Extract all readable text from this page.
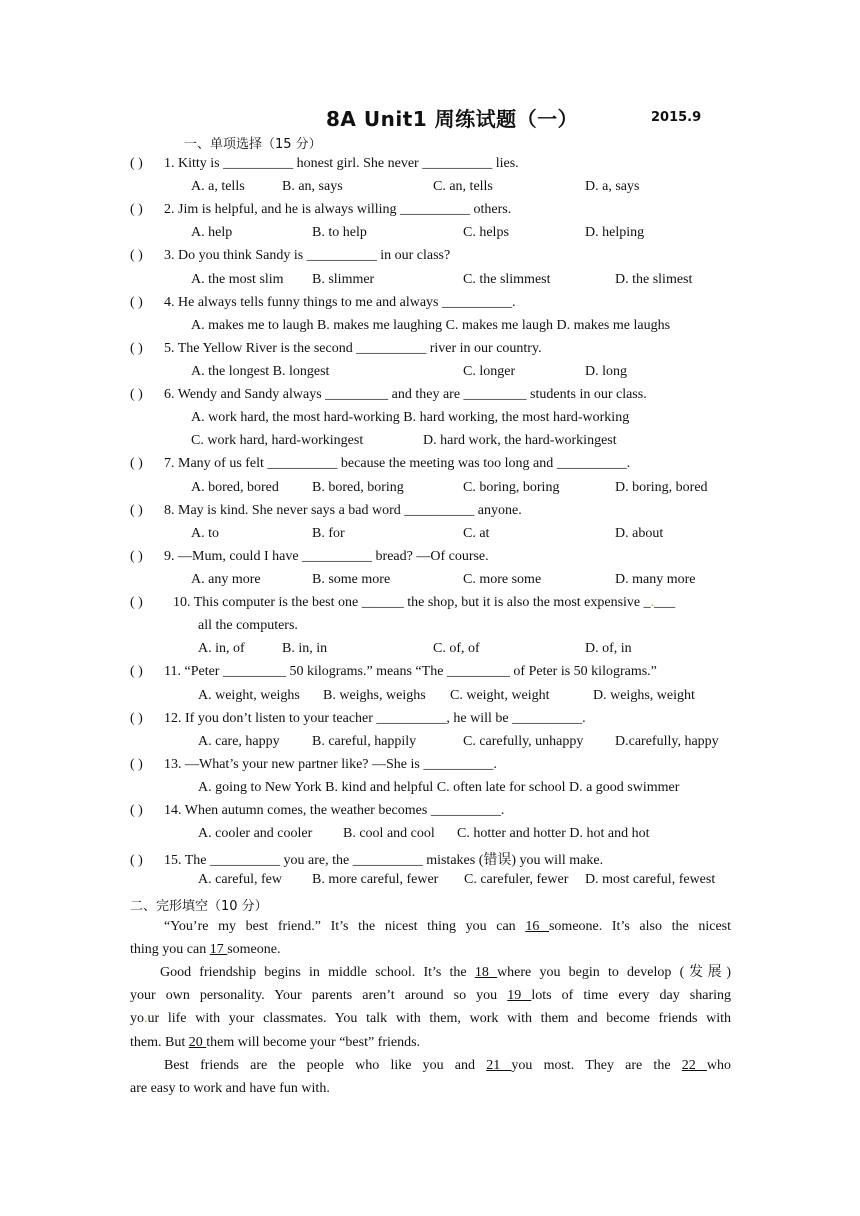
8A Unit1 周练试题（一）	2015.9
一、单项选择（15 分）
( ) 1. Kitty is __________ honest girl. She never __________ lies.
A. a, tells	B. an, says	C. an, tells	D. a, says
( ) 2. Jim is helpful, and he is always willing __________ others.
A. help	B. to help	C. helps	D. helping
( ) 3. Do you think Sandy is __________ in our class?
A. the most slim B. slimmer	C. the slimmest	D. the slimest
( ) 4. He always tells funny things to me and always __________.
A. makes me to laugh B. makes me laughing C. makes me laugh D. makes me laughs
( ) 5. The Yellow River is the second __________ river in our country.
A. the longest B. longest	C. longer	D. long
( ) 6. Wendy and Sandy always _________ and they are _________ students in our class.
A. work hard, the most hard-working B. hard working, the most hard-working
C. work hard, hard-workingest	D. hard work, the hard-workingest
( ) 7. Many of us felt __________ because the meeting was too long and __________.
A. bored, bored B. bored, boring	C. boring, boring	D. boring, bored
( ) 8. May is kind. She never says a bad word __________ anyone.
A. to	B. for	C. at	D. about
( ) 9. —Mum, could I have __________ bread? —Of course.
A. any more	B. some more	C. more some	D. many more
( ) 10. This computer is the best one ______ the shop, but it is also the most expensive _.___
all the computers.
A. in, of	B. in, in	C. of, of	D. of, in
( ) 11. “Peter _________ 50 kilograms.” means “The _________ of Peter is 50 kilograms.”
A. weight, weighs B. weighs, weighs C. weight, weight	D. weighs, weight
( ) 12. If you don’t listen to your teacher __________, he will be __________.
A. care, happy B. careful, happily	C. carefully, unhappy D.carefully, happy
( ) 13. —What’s your new partner like? —She is __________.
A. going to New York B. kind and helpful C. often late for school D. a good swimmer
( ) 14. When autumn comes, the weather becomes __________.
A. cooler and cooler B. cool and cool C. hotter and hotter D. hot and hot
( ) 15. The __________ you are, the __________ mistakes (错误) you will make.
A. careful, few B. more careful, fewer C. carefuler, fewer D. most careful, fewest
二、完形填空（10 分）
“You’re my best friend.” It’s the nicest thing you can 16 someone. It’s also the nicest
thing you can 17 someone.
Good friendship begins in middle school. It’s the 18 where you begin to develop (发展)
your own personality. Your parents aren’t around so you 19 lots of time every day sharing
yo.ur life with your classmates. You talk with them, work with them and become friends with
them. But 20 them will become your “best” friends.
Best friends are the people who like you and 21 you most. They are the 22 who
are easy to work and have fun with.
